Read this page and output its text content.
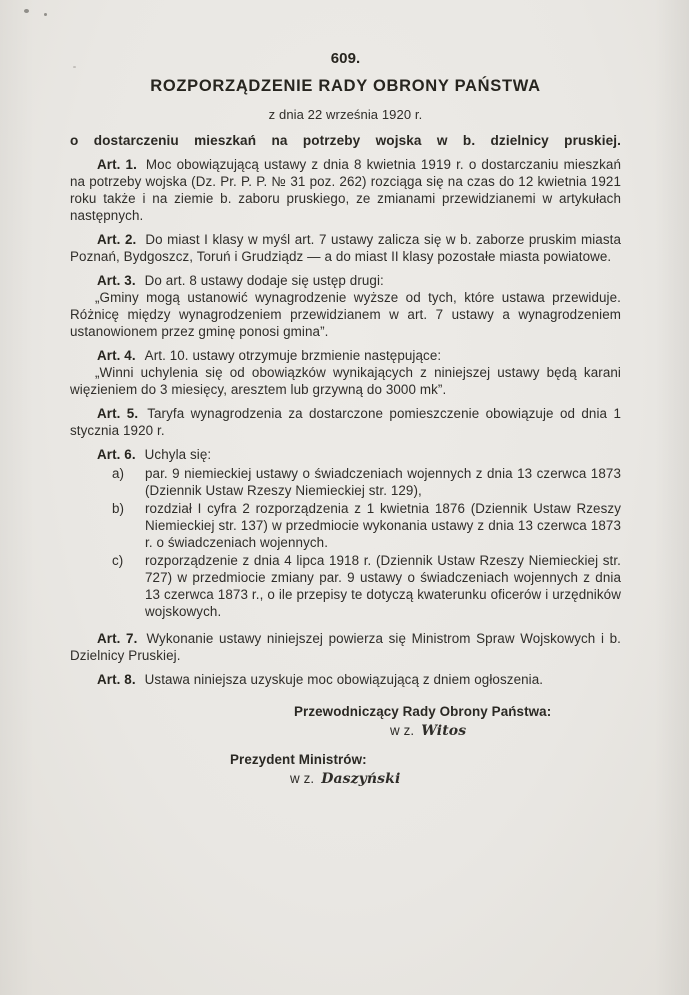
609.
ROZPORZĄDZENIE RADY OBRONY PAŃSTWA
z dnia 22 września 1920 r.
o dostarczeniu mieszkań na potrzeby wojska w b. dzielnicy pruskiej.

Art. 1. Moc obowiązującą ustawy z dnia 8 kwietnia 1919 r. o dostarczaniu mieszkań na potrzeby wojska (Dz. Pr. P. P. № 31 poz. 262) rozciąga się na czas do 12 kwietnia 1921 roku także i na ziemie b. zaboru pruskiego, ze zmianami przewidzianemi w artykułach następnych.

Art. 2. Do miast I klasy w myśl art. 7 ustawy zalicza się w b. zaborze pruskim miasta Poznań, Bydgoszcz, Toruń i Grudziądz — a do miast II klasy pozostałe miasta powiatowe.

Art. 3. Do art. 8 ustawy dodaje się ustęp drugi:

„Gminy mogą ustanowić wynagrodzenie wyższe od tych, które ustawa przewiduje. Różnicę między wynagrodzeniem przewidzianem w art. 7 ustawy a wynagrodzeniem ustanowionem przez gminę ponosi gmina”.

Art. 4. Art. 10. ustawy otrzymuje brzmienie następujące:

„Winni uchylenia się od obowiązków wynikających z niniejszej ustawy będą karani więzieniem do 3 miesięcy, aresztem lub grzywną do 3000 mk”.

Art. 5. Taryfa wynagrodzenia za dostarczone pomieszczenie obowiązuje od dnia 1 stycznia 1920 r.

Art. 6. Uchyla się:

a)	par. 9 niemieckiej ustawy o świadczeniach wojennych z dnia 13 czerwca 1873 (Dziennik Ustaw Rzeszy Niemieckiej str. 129),
b)	rozdział I cyfra 2 rozporządzenia z 1 kwietnia 1876 (Dziennik Ustaw Rzeszy Niemieckiej str. 137) w przedmiocie wykonania ustawy z dnia 13 czerwca 1873 r. o świadczeniach wojennych.
c)	rozporządzenie z dnia 4 lipca 1918 r. (Dziennik Ustaw Rzeszy Niemieckiej str. 727) w przedmiocie zmiany par. 9 ustawy o świadczeniach wojennych z dnia 13 czerwca 1873 r., o ile przepisy te dotyczą kwaterunku oficerów i urzędników wojskowych.

Art. 7. Wykonanie ustawy niniejszej powierza się Ministrom Spraw Wojskowych i b. Dzielnicy Pruskiej.

Art. 8. Ustawa niniejsza uzyskuje moc obowiązującą z dniem ogłoszenia.

Przewodniczący Rady Obrony Państwa:
w z. Witos
Prezydent Ministrów:
w z. Daszyński
